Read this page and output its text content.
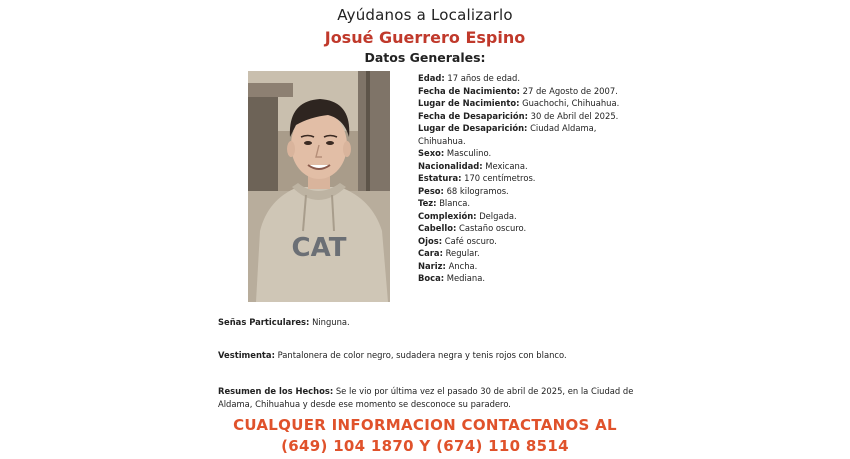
Ayúdanos a Localizarlo
Josué Guerrero Espino
Datos Generales:
CAT
Edad: 17 años de edad.
Fecha de Nacimiento: 27 de Agosto de 2007.
Lugar de Nacimiento: Guachochi, Chihuahua.
Fecha de Desaparición: 30 de Abril del 2025.
Lugar de Desaparición: Ciudad Aldama, Chihuahua.
Sexo: Masculino.
Nacionalidad: Mexicana.
Estatura: 170 centímetros.
Peso: 68 kilogramos.
Tez: Blanca.
Complexión: Delgada.
Cabello: Castaño oscuro.
Ojos: Café oscuro.
Cara: Regular.
Nariz: Ancha.
Boca: Mediana.
Señas Particulares: Ninguna.
Vestimenta: Pantalonera de color negro, sudadera negra y tenis rojos con blanco.
Resumen de los Hechos: Se le vio por última vez el pasado 30 de abril de 2025, en la Ciudad de Aldama, Chihuahua y desde ese momento se desconoce su paradero.
CUALQUER INFORMACION CONTACTANOS AL
(649) 104 1870 Y (674) 110 8514
